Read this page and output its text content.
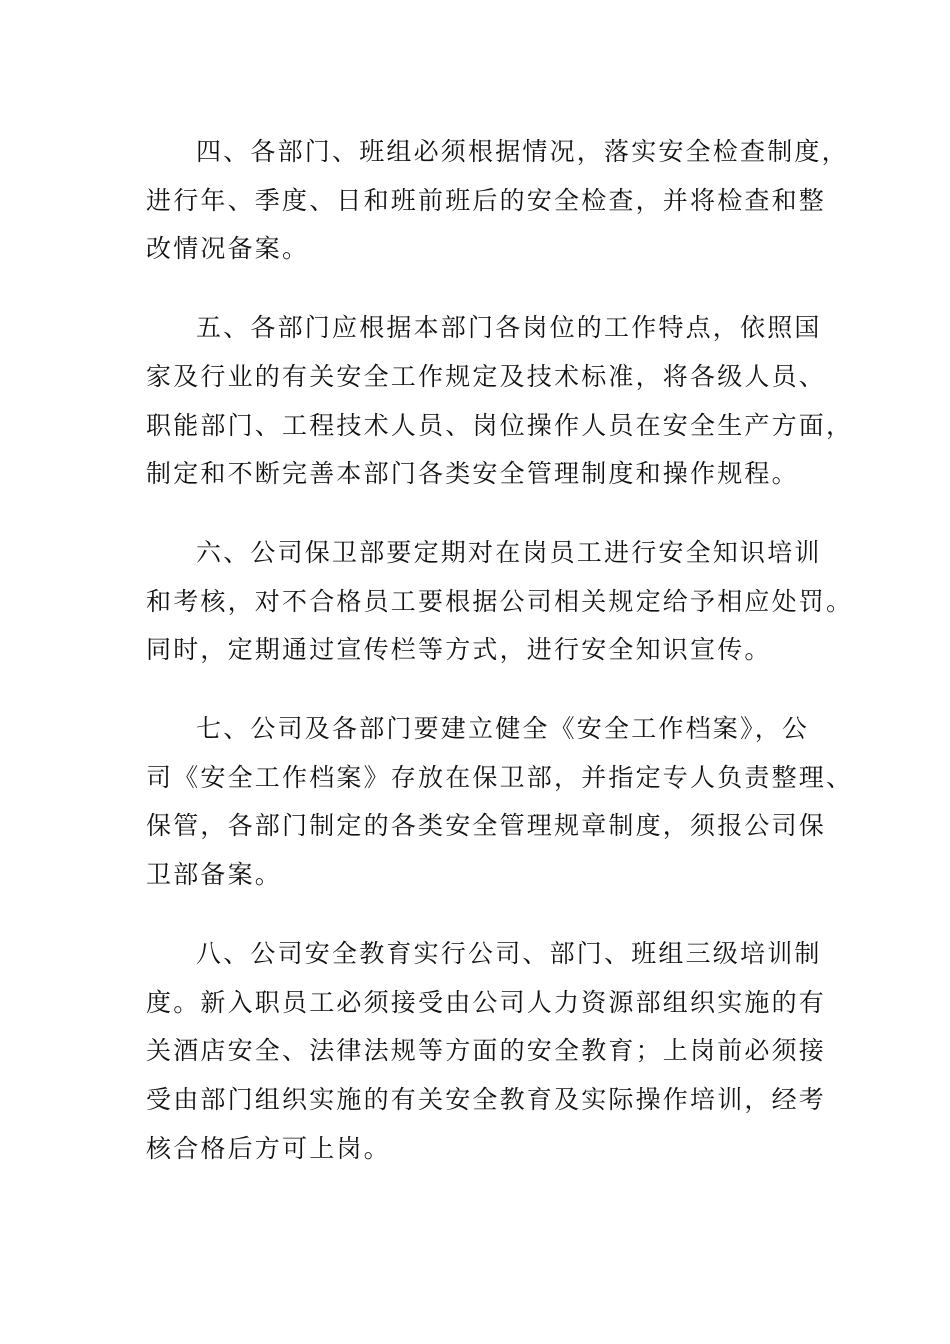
四、各部门、班组必须根据情况，落实安全检查制度，
进行年、季度、日和班前班后的安全检查，并将检查和整
改情况备案。
五、各部门应根据本部门各岗位的工作特点，依照国
家及行业的有关安全工作规定及技术标准，将各级人员、
职能部门、工程技术人员、岗位操作人员在安全生产方面，
制定和不断完善本部门各类安全管理制度和操作规程。
六、公司保卫部要定期对在岗员工进行安全知识培训
和考核，对不合格员工要根据公司相关规定给予相应处罚。
同时，定期通过宣传栏等方式，进行安全知识宣传。
七、公司及各部门要建立健全《安全工作档案》，公
司《安全工作档案》存放在保卫部，并指定专人负责整理、
保管，各部门制定的各类安全管理规章制度，须报公司保
卫部备案。
八、公司安全教育实行公司、部门、班组三级培训制
度。新入职员工必须接受由公司人力资源部组织实施的有
关酒店安全、法律法规等方面的安全教育；上岗前必须接
受由部门组织实施的有关安全教育及实际操作培训，经考
核合格后方可上岗。
